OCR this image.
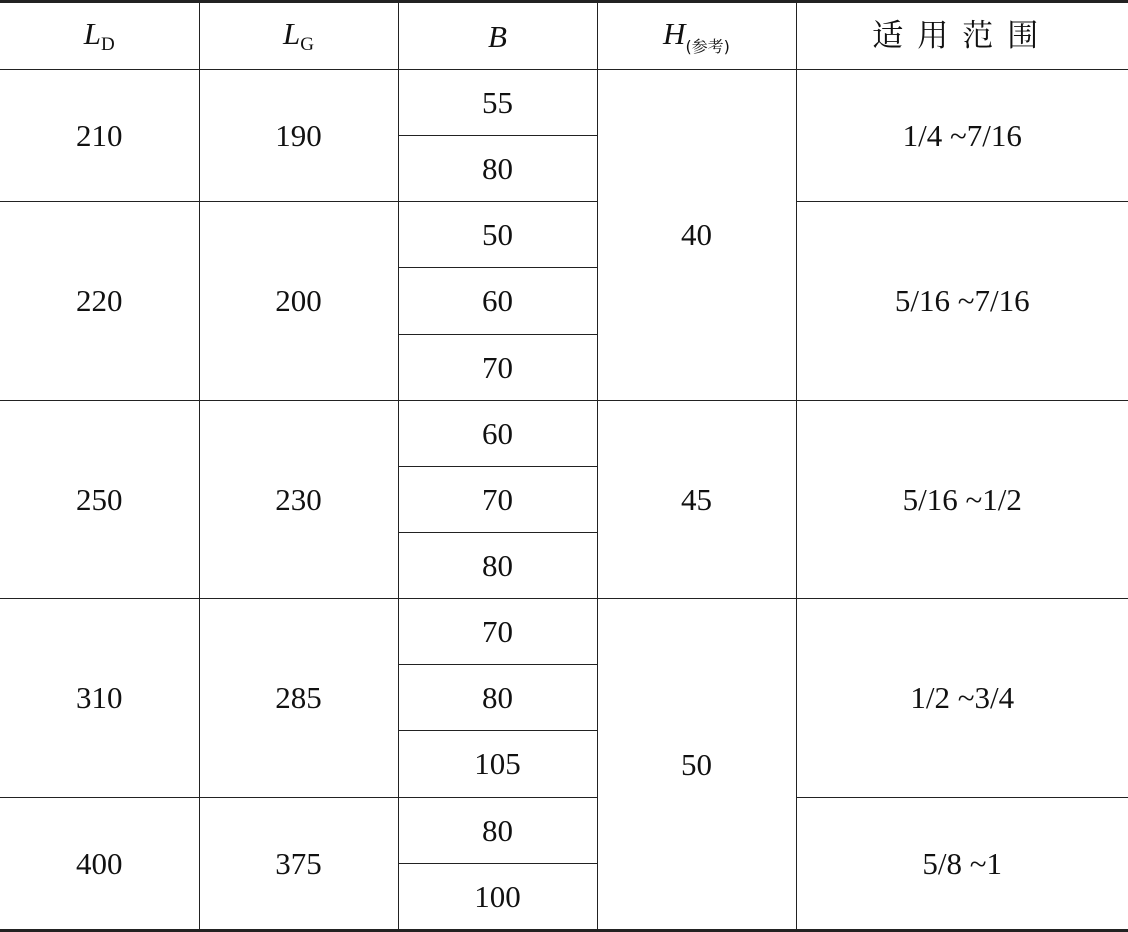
$L_D$	$L_G$	B	$H_{(参考)}$	适用范围
210	190	55	40	1/4 ~7/16
		80		
220	200	50		5/16 ~7/16
		60		
		70		
250	230	60	45	5/16 ~1/2
		70		
		80		
310	285	70	50	1/2 ~3/4
		80		
		105		
400	375	80		5/8 ~1
		100		
